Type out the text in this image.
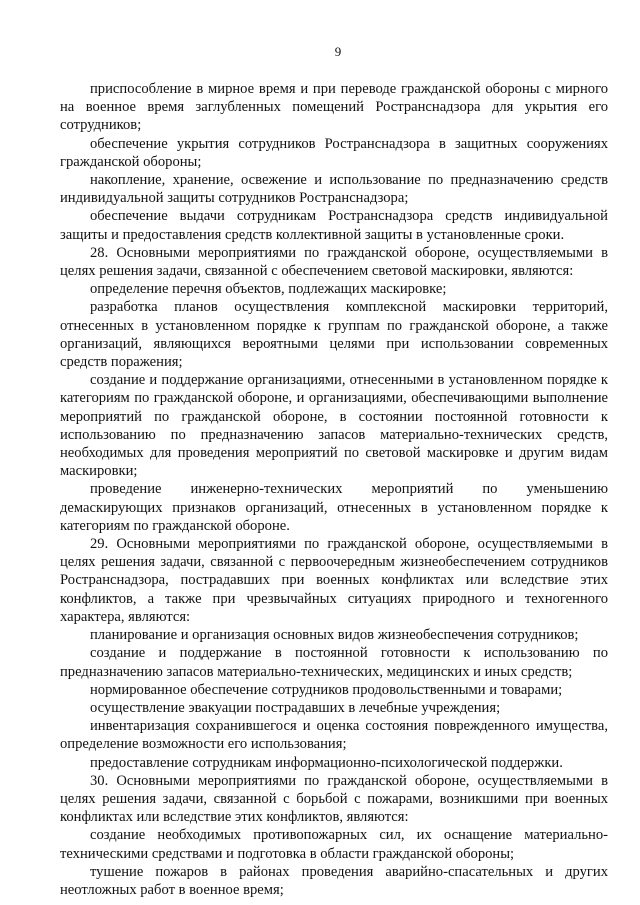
9

приспособление в мирное время и при переводе гражданской обороны с мирного на военное время заглубленных помещений Ространснадзора для укрытия его сотрудников;

обеспечение укрытия сотрудников Ространснадзора в защитных сооружениях гражданской обороны;

накопление, хранение, освежение и использование по предназначению средств индивидуальной защиты сотрудников Ространснадзора;

обеспечение выдачи сотрудникам Ространснадзора средств индивидуальной защиты и предоставления средств коллективной защиты в установленные сроки.

28. Основными мероприятиями по гражданской обороне, осуществляемыми в целях решения задачи, связанной с обеспечением световой маскировки, являются:

определение перечня объектов, подлежащих маскировке;

разработка планов осуществления комплексной маскировки территорий, отнесенных в установленном порядке к группам по гражданской обороне, а также организаций, являющихся вероятными целями при использовании современных средств поражения;

создание и поддержание организациями, отнесенными в установленном порядке к категориям по гражданской обороне, и организациями, обеспечивающими выполнение мероприятий по гражданской обороне, в состоянии постоянной готовности к использованию по предназначению запасов материально-технических средств, необходимых для проведения мероприятий по световой маскировке и другим видам маскировки;

проведение инженерно-технических мероприятий по уменьшению демаскирующих признаков организаций, отнесенных в установленном порядке к категориям по гражданской обороне.

29. Основными мероприятиями по гражданской обороне, осуществляемыми в целях решения задачи, связанной с первоочередным жизнеобеспечением сотрудников Ространснадзора, пострадавших при военных конфликтах или вследствие этих конфликтов, а также при чрезвычайных ситуациях природного и техногенного характера, являются:

планирование и организация основных видов жизнеобеспечения сотрудников;

создание и поддержание в постоянной готовности к использованию по предназначению запасов материально-технических, медицинских и иных средств;

нормированное обеспечение сотрудников продовольственными и товарами;

осуществление эвакуации пострадавших в лечебные учреждения;

инвентаризация сохранившегося и оценка состояния поврежденного имущества, определение возможности его использования;

предоставление сотрудникам информационно-психологической поддержки.

30. Основными мероприятиями по гражданской обороне, осуществляемыми в целях решения задачи, связанной с борьбой с пожарами, возникшими при военных конфликтах или вследствие этих конфликтов, являются:

создание необходимых противопожарных сил, их оснащение материально-техническими средствами и подготовка в области гражданской обороны;

тушение пожаров в районах проведения аварийно-спасательных и других неотложных работ в военное время;
